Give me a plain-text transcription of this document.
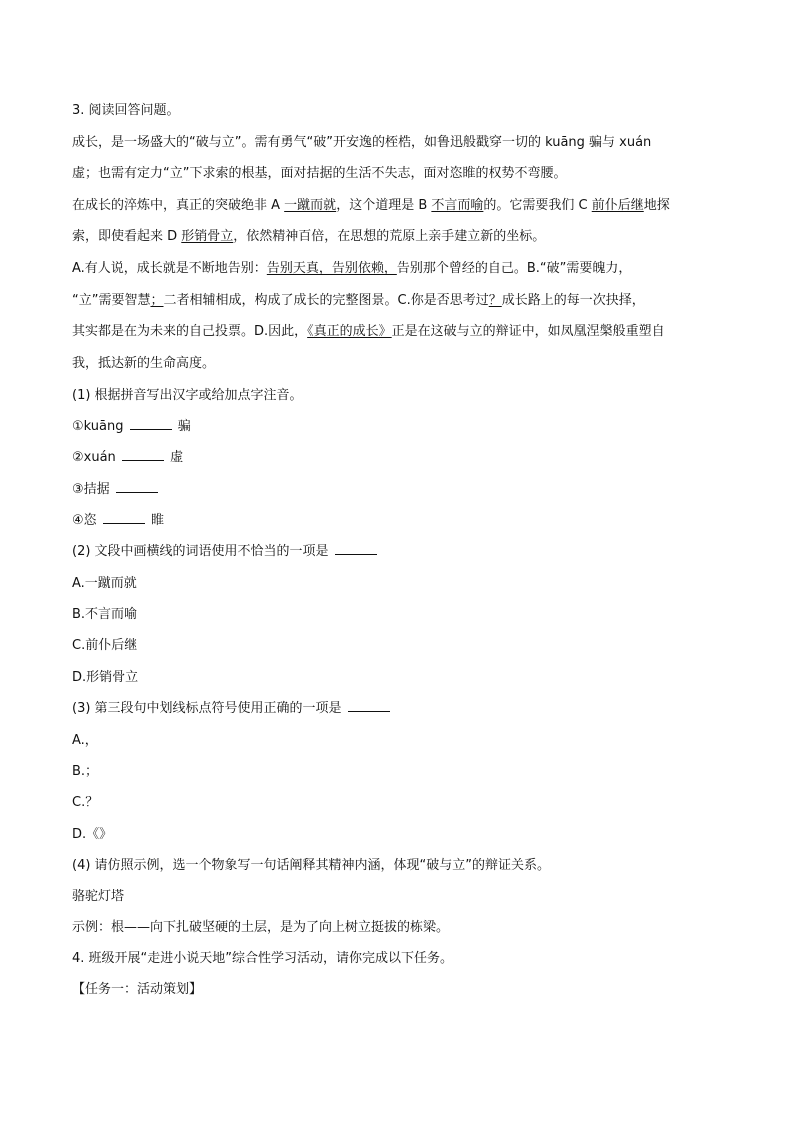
3. 阅读回答问题。
成长，是一场盛大的“破与立”。需有勇气“破”开安逸的桎梏，如鲁迅般戳穿一切的 kuāng 骗与 xuán
虚；也需有定力“立”下求索的根基，面对拮据的生活不失志，面对恣睢的权势不弯腰。
在成长的淬炼中，真正的突破绝非 A 一蹴而就，这个道理是 B 不言而喻的。它需要我们 C 前仆后继地探
索，即使看起来 D 形销骨立，依然精神百倍，在思想的荒原上亲手建立新的坐标。
A.有人说，成长就是不断地告别：告别天真，告别依赖，告别那个曾经的自己。B.“破”需要魄力，
“立”需要智慧；二者相辅相成，构成了成长的完整图景。C.你是否思考过？成长路上的每一次抉择，
其实都是在为未来的自己投票。D.因此，《真正的成长》正是在这破与立的辩证中，如凤凰涅槃般重塑自
我，抵达新的生命高度。
(1) 根据拼音写出汉字或给加点字注音。
①kuāng	骗
②xuán	虚
③拮据
④恣	睢
(2) 文段中画横线的词语使用不恰当的一项是
A.一蹴而就
B.不言而喻
C.前仆后继
D.形销骨立
(3) 第三段句中划线标点符号使用正确的一项是
A.，
B.；
C.？
D.《》
(4) 请仿照示例，选一个物象写一句话阐释其精神内涵，体现“破与立”的辩证关系。
骆驼灯塔
示例：根——向下扎破坚硬的土层，是为了向上树立挺拔的栋梁。
4. 班级开展“走进小说天地”综合性学习活动，请你完成以下任务。
【任务一：活动策划】
